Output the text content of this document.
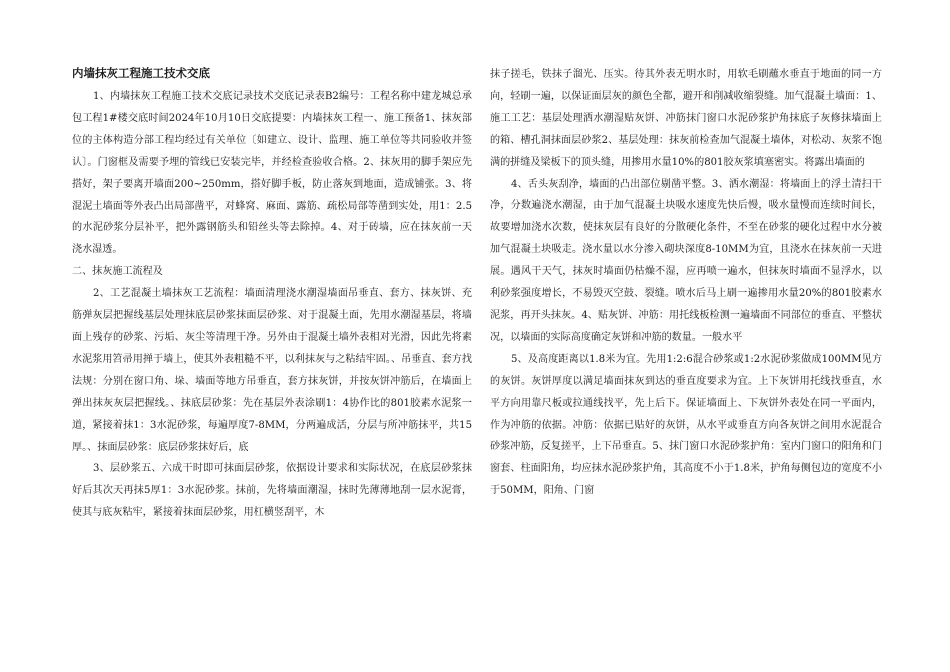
内墙抹灰工程施工技术交底

1、内墙抹灰工程施工技术交底记录技术交底记录表B2编号：工程名称中建龙城总承包工程1#楼交底时间2024年10月10日交底提要：内墙抹灰工程一、施工预备1、抹灰部位的主体构造分部工程均经过有关单位〔如建立、设计、监理、施工单位等共同验收并签认〕。门窗框及需要予埋的管线已安装完毕，并经检查验收合格。2、抹灰用的脚手架应先搭好，架子要离开墙面200~250mm，搭好脚手板，防止落灰到地面，造成铺张。3、将混泥土墙面等外表凸出局部凿平，对蜂窝、麻面、露筋、疏松局部等凿到实处，用1：2.5的水泥砂浆分层补平，把外露钢筋头和铅丝头等去除掉。4、对于砖墙，应在抹灰前一天浇水湿透。

二、抹灰施工流程及

2、工艺混凝土墙抹灰工艺流程：墙面清理浇水潮湿墙面吊垂直、套方、抹灰饼、充筋弹灰层把握线基层处理抹底层砂浆抹面层砂浆、对于混凝土面，先用水潮湿基层，将墙面上残存的砂浆、污垢、灰尘等清理干净。另外由于混凝土墙外表相对光滑，因此先将素水泥浆用笤帚用掸于墙上，使其外表粗糙不平，以利抹灰与之粘结牢固。、吊垂直、套方找法规：分别在窗口角、垛、墙面等地方吊垂直，套方抹灰饼，并按灰饼冲筋后，在墙面上弹出抹灰灰层把握线。、抹底层砂浆：先在基层外表涂刷1：4协作比的801胶素水泥浆一道，紧接着抹1：3水泥砂浆，每遍厚度7-8MM，分两遍成活，分层与所冲筋抹平，共15厚。、抹面层砂浆：底层砂浆抹好后，底

3、层砂浆五、六成干时即可抹面层砂浆，依据设计要求和实际状况，在底层砂浆抹好后其次天再抹5厚1：3水泥砂浆。抹前，先将墙面潮湿，抹时先薄薄地刮一层水泥膏，使其与底灰粘牢，紧接着抹面层砂浆，用杠横竖刮平，木

抹子搓毛，铁抹子溜光、压实。待其外表无明水时，用软毛刷蘸水垂直于地面的同一方向，轻刷一遍，以保证面层灰的颜色全都，避开和削减收缩裂缝。加气混凝土墙面：1、施工工艺：基层处理洒水潮湿贴灰饼、冲筋抹门窗口水泥砂浆护角抹底子灰修抹墙面上的箱、槽孔洞抹面层砂浆2、基层处理：抹灰前检查加气混凝土墙体，对松动、灰浆不饱满的拼缝及梁板下的顶头缝，用掺用水量10%的801胶灰浆填塞密实。将露出墙面的

4、舌头灰刮净，墙面的凸出部位剔凿平整。3、洒水潮湿：将墙面上的浮土清扫干净，分数遍浇水潮湿，由于加气混凝土块吸水速度先快后慢，吸水量慢而连续时间长，故要增加浇水次数，使抹灰层有良好的分散硬化条件，不至在砂浆的硬化过程中水分被加气混凝土块吸走。浇水量以水分渗入砌块深度8-10MM为宜，且浇水在抹灰前一天进展。遇风干天气，抹灰时墙面仍枯燥不湿，应再喷一遍水，但抹灰时墙面不显浮水，以利砂浆强度增长，不易毁灭空鼓、裂缝。喷水后马上刷一遍掺用水量20%的801胶素水泥浆，再开头抹灰。4、贴灰饼、冲筋：用托线板检测一遍墙面不同部位的垂直、平整状况，以墙面的实际高度确定灰饼和冲筋的数量。一般水平

5、及高度距离以1.8米为宜。先用1:2:6混合砂浆或1:2水泥砂浆做成100MM见方的灰饼。灰饼厚度以满足墙面抹灰到达的垂直度要求为宜。上下灰饼用托线找垂直，水平方向用靠尺板或拉通线找平，先上后下。保证墙面上、下灰饼外表处在同一平面内，作为冲筋的依据。冲筋：依据已贴好的灰饼，从水平或垂直方向各灰饼之间用水泥混合砂浆冲筋，反复搓平，上下吊垂直。5、抹门窗口水泥砂浆护角：室内门窗口的阳角和门窗套、柱面阳角，均应抹水泥砂浆护角，其高度不小于1.8米，护角每侧包边的宽度不小于50MM，阳角、门窗
